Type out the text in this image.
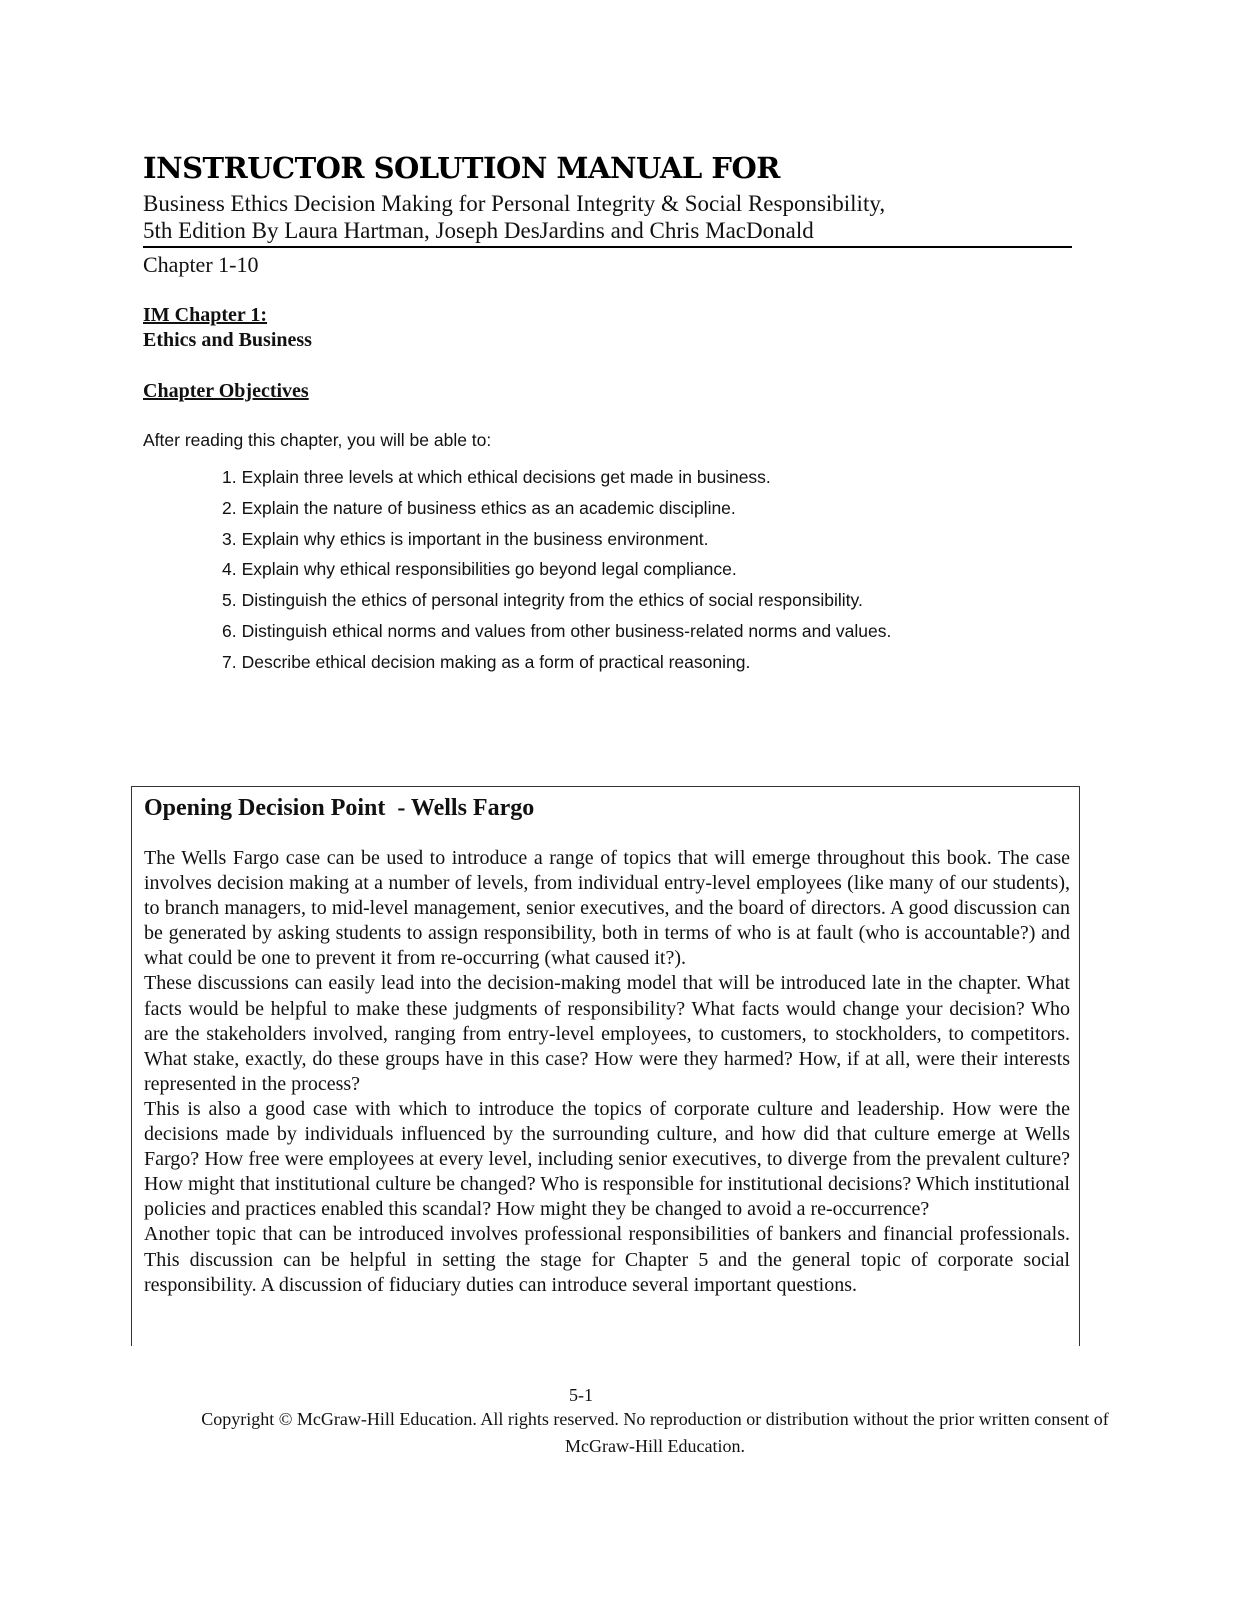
INSTRUCTOR SOLUTION MANUAL FOR

Business Ethics Decision Making for Personal Integrity & Social Responsibility,

5th Edition By Laura Hartman, Joseph DesJardins and Chris MacDonald

Chapter 1-10

IM Chapter 1:

Ethics and Business

Chapter Objectives

After reading this chapter, you will be able to:

1. Explain three levels at which ethical decisions get made in business.
2. Explain the nature of business ethics as an academic discipline.
3. Explain why ethics is important in the business environment.
4. Explain why ethical responsibilities go beyond legal compliance.
5. Distinguish the ethics of personal integrity from the ethics of social responsibility.
6. Distinguish ethical norms and values from other business-related norms and values.
7. Describe ethical decision making as a form of practical reasoning.
Opening Decision Point  - Wells Fargo

The Wells Fargo case can be used to introduce a range of topics that will emerge throughout this book. The case involves decision making at a number of levels, from individual entry-level employees (like many of our students), to branch managers, to mid-level management, senior executives, and the board of directors. A good discussion can be generated by asking students to assign responsibility, both in terms of who is at fault (who is accountable?) and what could be one to prevent it from re-occurring (what caused it?).

These discussions can easily lead into the decision-making model that will be introduced late in the chapter. What facts would be helpful to make these judgments of responsibility? What facts would change your decision? Who are the stakeholders involved, ranging from entry-level employees, to customers, to stockholders, to competitors. What stake, exactly, do these groups have in this case? How were they harmed? How, if at all, were their interests represented in the process?

This is also a good case with which to introduce the topics of corporate culture and leadership. How were the decisions made by individuals influenced by the surrounding culture, and how did that culture emerge at Wells Fargo? How free were employees at every level, including senior executives, to diverge from the prevalent culture? How might that institutional culture be changed? Who is responsible for institutional decisions? Which institutional policies and practices enabled this scandal? How might they be changed to avoid a re-occurrence?

Another topic that can be introduced involves professional responsibilities of bankers and financial professionals. This discussion can be helpful in setting the stage for Chapter 5 and the general topic of corporate social responsibility. A discussion of fiduciary duties can introduce several important questions.

5-1

Copyright © McGraw-Hill Education. All rights reserved. No reproduction or distribution without the prior written consent of McGraw-Hill Education.
